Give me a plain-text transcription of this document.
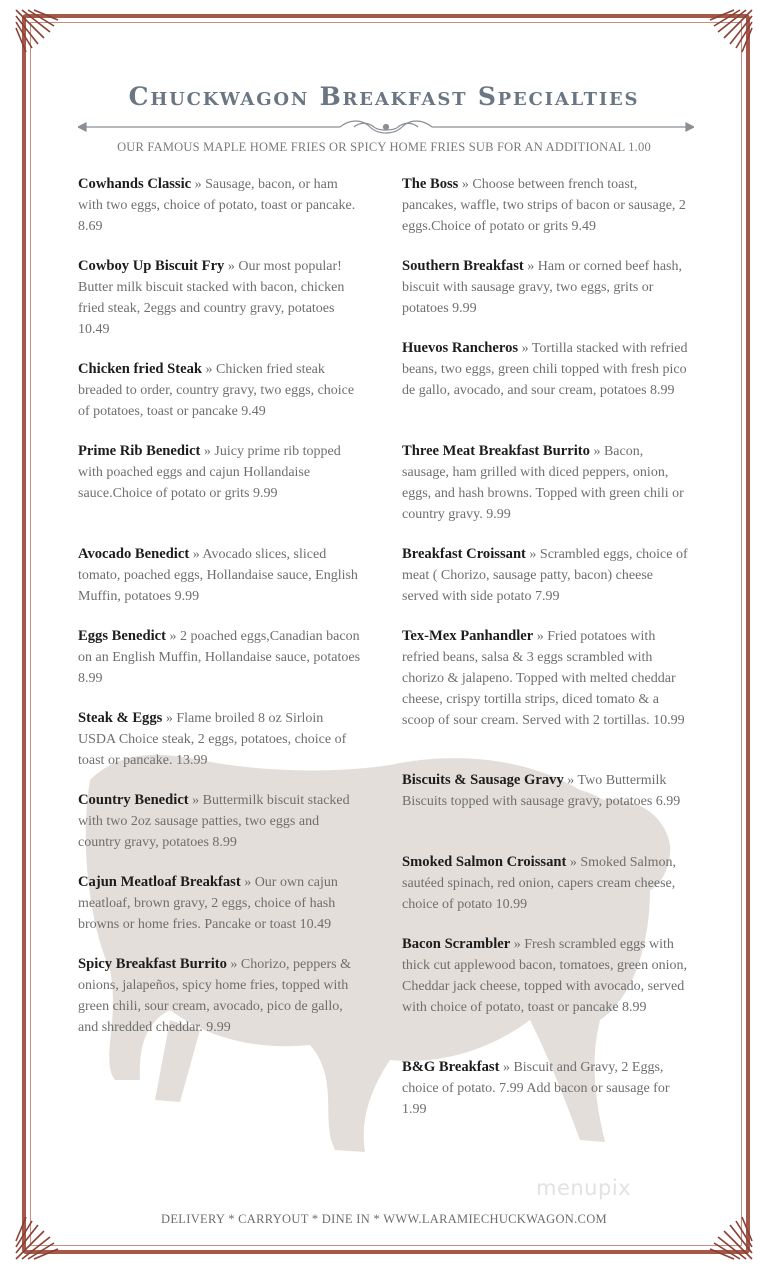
Chuckwagon Breakfast Specialties
OUR FAMOUS MAPLE HOME FRIES OR SPICY HOME FRIES SUB FOR AN ADDITIONAL 1.00
Cowhands Classic » Sausage, bacon, or ham with two eggs, choice of potato, toast or pancake. 8.69
Cowboy Up Biscuit Fry » Our most popular! Butter milk biscuit stacked with bacon, chicken fried steak, 2eggs and country gravy, potatoes 10.49
Chicken fried Steak » Chicken fried steak breaded to order, country gravy, two eggs, choice of potatoes, toast or pancake 9.49
Prime Rib Benedict » Juicy prime rib topped with poached eggs and cajun Hollandaise sauce.Choice of potato or grits 9.99
Avocado Benedict » Avocado slices, sliced tomato, poached eggs, Hollandaise sauce, English Muffin, potatoes 9.99
Eggs Benedict » 2 poached eggs,Canadian bacon on an English Muffin, Hollandaise sauce, potatoes 8.99
Steak & Eggs » Flame broiled 8 oz Sirloin USDA Choice steak, 2 eggs, potatoes, choice of toast or pancake. 13.99
Country Benedict » Buttermilk biscuit stacked with two 2oz sausage patties, two eggs and country gravy, potatoes 8.99
Cajun Meatloaf Breakfast » Our own cajun meatloaf, brown gravy, 2 eggs, choice of hash browns or home fries. Pancake or toast 10.49
Spicy Breakfast Burrito » Chorizo, peppers & onions, jalapeños, spicy home fries, topped with green chili, sour cream, avocado, pico de gallo, and shredded cheddar. 9.99
The Boss » Choose between french toast, pancakes, waffle, two strips of bacon or sausage, 2 eggs.Choice of potato or grits 9.49
Southern Breakfast » Ham or corned beef hash, biscuit with sausage gravy, two eggs, grits or potatoes 9.99
Huevos Rancheros » Tortilla stacked with refried beans, two eggs, green chili topped with fresh pico de gallo, avocado, and sour cream, potatoes 8.99
Three Meat Breakfast Burrito » Bacon, sausage, ham grilled with diced peppers, onion, eggs, and hash browns. Topped with green chili or country gravy. 9.99
Breakfast Croissant » Scrambled eggs, choice of meat ( Chorizo, sausage patty, bacon) cheese served with side potato 7.99
Tex-Mex Panhandler » Fried potatoes with refried beans, salsa & 3 eggs scrambled with chorizo & jalapeno. Topped with melted cheddar cheese, crispy tortilla strips, diced tomato & a scoop of sour cream. Served with 2 tortillas. 10.99
Biscuits & Sausage Gravy » Two Buttermilk Biscuits topped with sausage gravy, potatoes 6.99
Smoked Salmon Croissant » Smoked Salmon, sautéed spinach, red onion, capers cream cheese, choice of potato 10.99
Bacon Scrambler » Fresh scrambled eggs with thick cut applewood bacon, tomatoes, green onion, Cheddar jack cheese, topped with avocado, served with choice of potato, toast or pancake 8.99
B&G Breakfast » Biscuit and Gravy, 2 Eggs, choice of potato. 7.99 Add bacon or sausage for 1.99
menupix
DELIVERY * CARRYOUT * DINE IN * WWW.LARAMIECHUCKWAGON.COM
